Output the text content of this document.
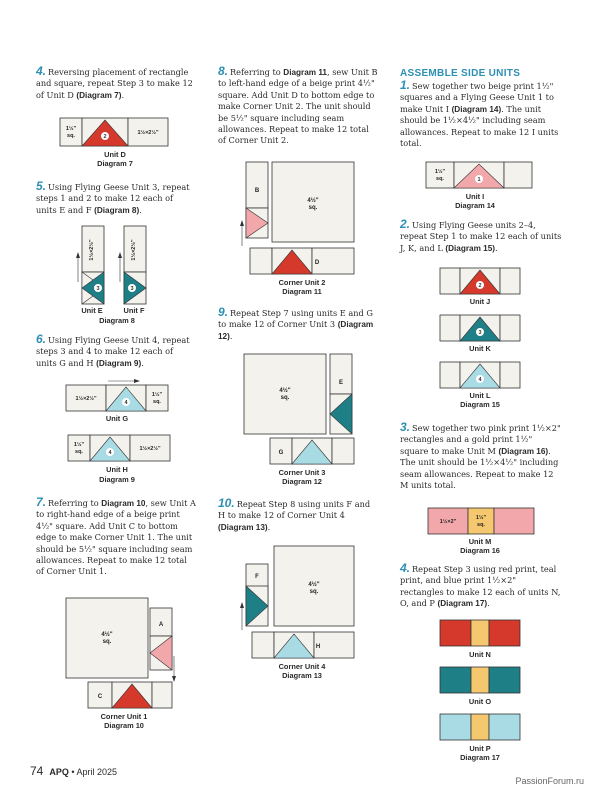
4. Reversing placement of rectangle and square, repeat Step 3 to make 12 of Unit D (Diagram 7).
2
1½"
sq.	1½×2½"
Unit D
Diagram 7
5. Using Flying Geese Unit 3, repeat steps 1 and 2 to make 12 each of units E and F (Diagram 8).
3
1½×2½"
3
1½×2½"
Unit E	Unit F
Diagram 8
6. Using Flying Geese Unit 4, repeat steps 3 and 4 to make 12 each of units G and H (Diagram 9).
4
1½×2½"
1½"
sq.
4
1½"
sq.	1½×2½"
Unit G
Unit H
Diagram 9
7. Referring to Diagram 10, sew Unit A to right-hand edge of a beige print 4½" square. Add Unit C to bottom edge to make Corner Unit 1. The unit should be 5½" square including seam allowances. Repeat to make 12 total of Corner Unit 1.
4½"
sq.
A
C
Corner Unit 1
Diagram 10
8. Referring to Diagram 11, sew Unit B to left-hand edge of a beige print 4½" square. Add Unit D to bottom edge to make Corner Unit 2. The unit should be 5½" square including seam allowances. Repeat to make 12 total of Corner Unit 2.
B
4½"
sq.
D
Corner Unit 2
Diagram 11
9. Repeat Step 7 using units E and G to make 12 of Corner Unit 3 (Diagram 12).
4½"
sq.
E
G
Corner Unit 3
Diagram 12
10. Repeat Step 8 using units F and H to make 12 of Corner Unit 4 (Diagram 13).
F
4½"
sq.
H
Corner Unit 4
Diagram 13
ASSEMBLE SIDE UNITS
1. Sew together two beige print 1½" squares and a Flying Geese Unit 1 to make Unit I (Diagram 14). The unit should be 1½×4½" including seam allowances. Repeat to make 12 I units total.
1
1½"
sq.
Unit I
Diagram 14
2. Using Flying Geese units 2–4, repeat Step 1 to make 12 each of units J, K, and L (Diagram 15).
2
Unit J
3
Unit K
4
Unit L
Diagram 15
3. Sew together two pink print 1½×2" rectangles and a gold print 1½" square to make Unit M (Diagram 16). The unit should be 1½×4½" including seam allowances. Repeat to make 12 M units total.
1½×2"
1½"
sq.
Unit M
Diagram 16
4. Repeat Step 3 using red print, teal print, and blue print 1½×2" rectangles to make 12 each of units N, O, and P (Diagram 17).
Unit N
Unit O
Unit P
Diagram 17
74 APQ • April 2025
PassionForum.ru
